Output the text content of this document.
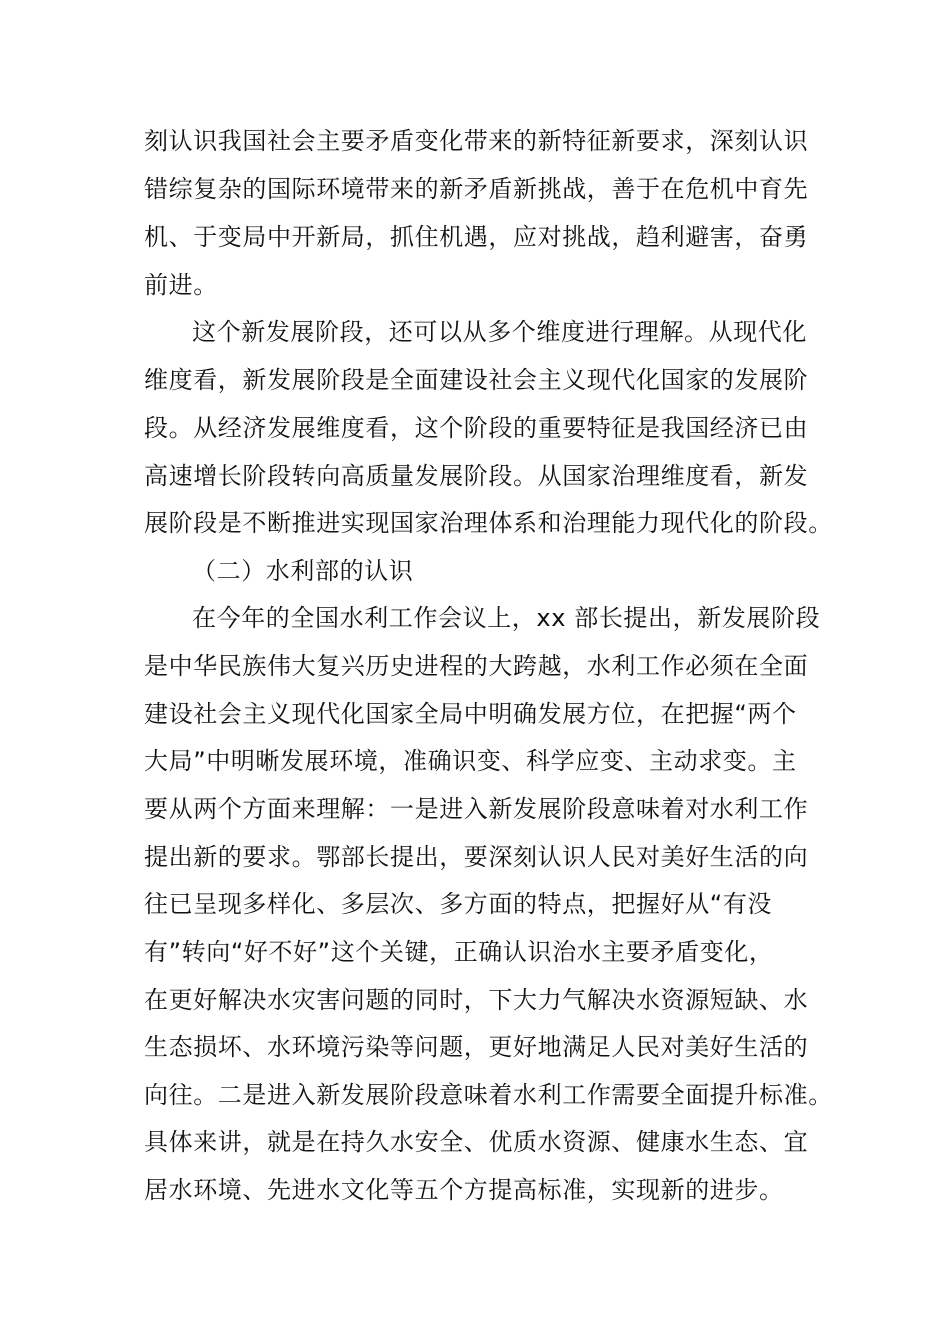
刻认识我国社会主要矛盾变化带来的新特征新要求，深刻认识
错综复杂的国际环境带来的新矛盾新挑战，善于在危机中育先
机、于变局中开新局，抓住机遇，应对挑战，趋利避害，奋勇
前进。
这个新发展阶段，还可以从多个维度进行理解。从现代化
维度看，新发展阶段是全面建设社会主义现代化国家的发展阶
段。从经济发展维度看，这个阶段的重要特征是我国经济已由
高速增长阶段转向高质量发展阶段。从国家治理维度看，新发
展阶段是不断推进实现国家治理体系和治理能力现代化的阶段。
（二）水利部的认识
在今年的全国水利工作会议上，xx 部长提出，新发展阶段
是中华民族伟大复兴历史进程的大跨越，水利工作必须在全面
建设社会主义现代化国家全局中明确发展方位，在把握“两个
大局”中明晰发展环境，准确识变、科学应变、主动求变。主
要从两个方面来理解：一是进入新发展阶段意味着对水利工作
提出新的要求。鄂部长提出，要深刻认识人民对美好生活的向
往已呈现多样化、多层次、多方面的特点，把握好从“有没
有”转向“好不好”这个关键，正确认识治水主要矛盾变化，
在更好解决水灾害问题的同时，下大力气解决水资源短缺、水
生态损坏、水环境污染等问题，更好地满足人民对美好生活的
向往。二是进入新发展阶段意味着水利工作需要全面提升标准。
具体来讲，就是在持久水安全、优质水资源、健康水生态、宜
居水环境、先进水文化等五个方提高标准，实现新的进步。
